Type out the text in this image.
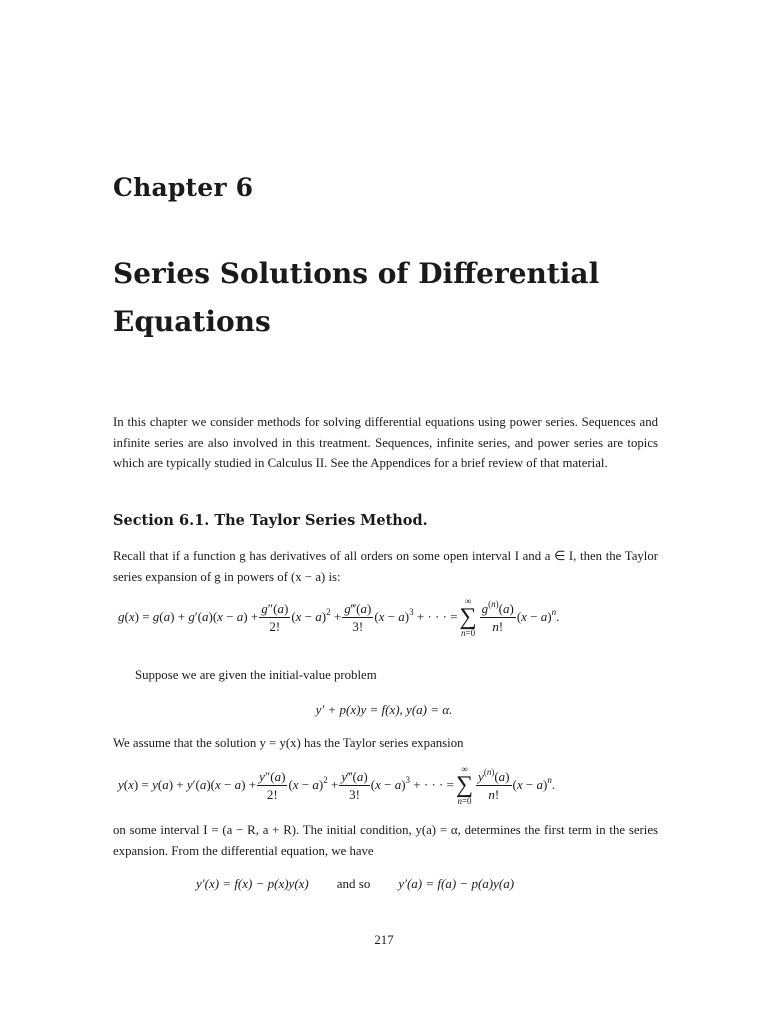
Chapter 6
Series Solutions of Differential Equations
In this chapter we consider methods for solving differential equations using power series. Sequences and infinite series are also involved in this treatment. Sequences, infinite series, and power series are topics which are typically studied in Calculus II. See the Appendices for a brief review of that material.
Section 6.1. The Taylor Series Method.
Recall that if a function g has derivatives of all orders on some open interval I and a ∈ I, then the Taylor series expansion of g in powers of (x − a) is:
$g(x) = g(a) + g'(a)(x - a) + \frac{g''(a)}{2!} (x - a)^2 + \frac{g‴(a)}{3!} (x - a)^3$ + · · · =
∞
∑
$n=0 \frac{g^{(n)}(a)}{n!} (x - a)^n$.
Suppose we are given the initial-value problem
y′ + p(x)y = f(x), y(a) = α.
We assume that the solution y = y(x) has the Taylor series expansion
$y(x) = y(a) + y'(a)(x - a) + \frac{y''(a)}{2!} (x - a)^2 + \frac{y‴(a)}{3!} (x - a)^3$ + · · · =
∞
∑
$n=0 \frac{y^{(n)}(a)}{n!} (x - a)^n$.
on some interval I = (a − R, a + R). The initial condition, y(a) = α, determines the first term in the series expansion. From the differential equation, we have
y′(x) = f(x) − p(x)y(x) and so y′(a) = f(a) − p(a)y(a)
217
